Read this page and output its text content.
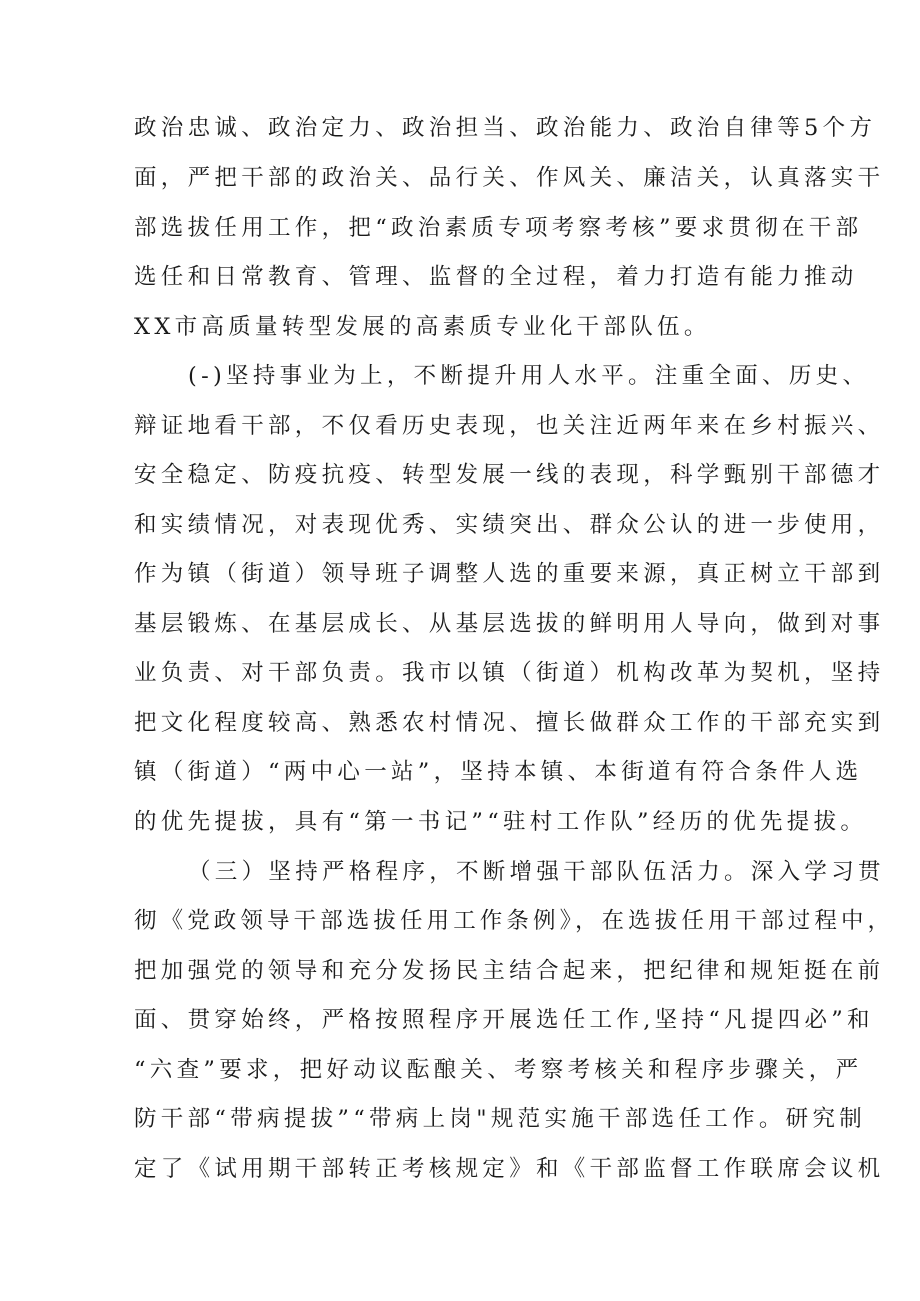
政治忠诚、政治定力、政治担当、政治能力、政治自律等5个方
面，严把干部的政治关、品行关、作风关、廉洁关，认真落实干
部选拔任用工作，把“政治素质专项考察考核”要求贯彻在干部
选任和日常教育、管理、监督的全过程，着力打造有能力推动
XX市高质量转型发展的高素质专业化干部队伍。
(-)坚持事业为上，不断提升用人水平。注重全面、历史、
辩证地看干部，不仅看历史表现，也关注近两年来在乡村振兴、
安全稳定、防疫抗疫、转型发展一线的表现，科学甄别干部德才
和实绩情况，对表现优秀、实绩突出、群众公认的进一步使用，
作为镇（街道）领导班子调整人选的重要来源，真正树立干部到
基层锻炼、在基层成长、从基层选拔的鲜明用人导向，做到对事
业负责、对干部负责。我市以镇（街道）机构改革为契机，坚持
把文化程度较高、熟悉农村情况、擅长做群众工作的干部充实到
镇（街道）“两中心一站”，坚持本镇、本街道有符合条件人选
的优先提拔，具有“第一书记”“驻村工作队”经历的优先提拔。
（三）坚持严格程序，不断增强干部队伍活力。深入学习贯
彻《党政领导干部选拔任用工作条例》，在选拔任用干部过程中，
把加强党的领导和充分发扬民主结合起来，把纪律和规矩挺在前
面、贯穿始终，严格按照程序开展选任工作,坚持“凡提四必”和
“六查”要求，把好动议酝酿关、考察考核关和程序步骤关，严
防干部“带病提拔”“带病上岗"规范实施干部选任工作。研究制
定了《试用期干部转正考核规定》和《干部监督工作联席会议机
